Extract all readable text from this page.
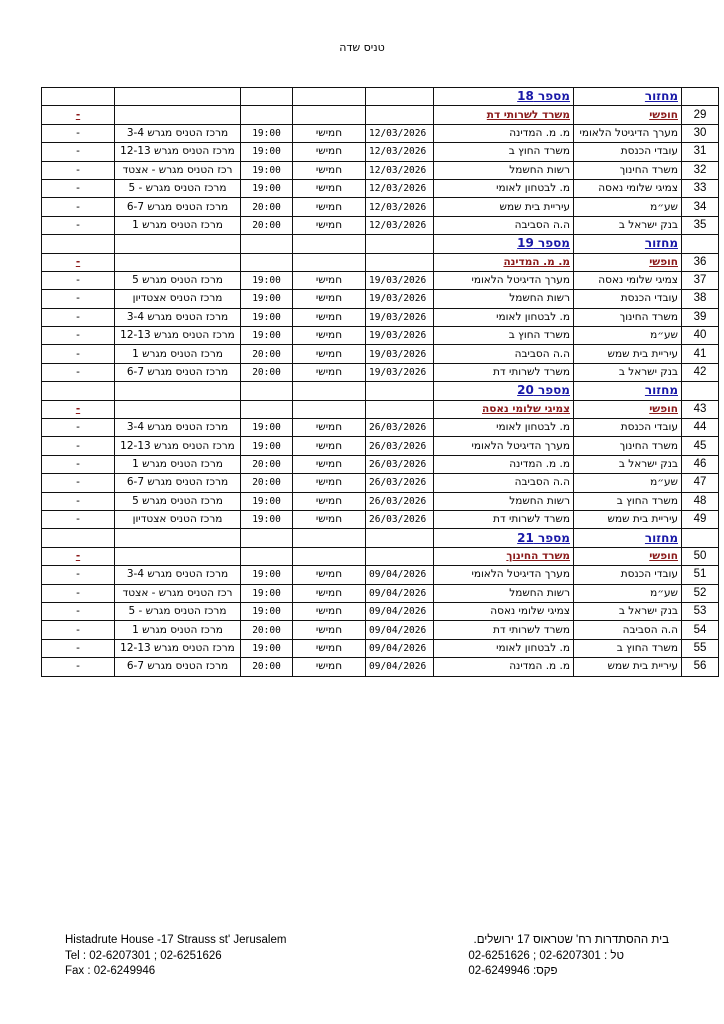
טניס שדה
	מחזור	מספר 18					
29	חופשי	משרד לשרותי דת					-
30	מערך הדיגיטל הלאומי	מ. מ. המדינה	12/03/2026	חמישי	19:00	מרכז הטניס מגרש 3-4	-
31	עובדי הכנסת	משרד החוץ ב	12/03/2026	חמישי	19:00	מרכז הטניס מגרש 12-13	-
32	משרד החינוך	רשות החשמל	12/03/2026	חמישי	19:00	רכז הטניס מגרש - אצטד	-
33	צמיגי שלומי נאסה	מ. לבטחון לאומי	12/03/2026	חמישי	19:00	מרכז הטניס מגרש - 5	-
34	שע״מ	עיריית בית שמש	12/03/2026	חמישי	20:00	מרכז הטניס מגרש 6-7	-
35	בנק ישראל ב	ה.ה הסביבה	12/03/2026	חמישי	20:00	מרכז הטניס מגרש 1	-
	מחזור	מספר 19					
36	חופשי	מ. מ. המדינה					-
37	צמיגי שלומי נאסה	מערך הדיגיטל הלאומי	19/03/2026	חמישי	19:00	מרכז הטניס מגרש 5	-
38	עובדי הכנסת	רשות החשמל	19/03/2026	חמישי	19:00	מרכז הטניס אצטדיון	-
39	משרד החינוך	מ. לבטחון לאומי	19/03/2026	חמישי	19:00	מרכז הטניס מגרש 3-4	-
40	שע״מ	משרד החוץ ב	19/03/2026	חמישי	19:00	מרכז הטניס מגרש 12-13	-
41	עיריית בית שמש	ה.ה הסביבה	19/03/2026	חמישי	20:00	מרכז הטניס מגרש 1	-
42	בנק ישראל ב	משרד לשרותי דת	19/03/2026	חמישי	20:00	מרכז הטניס מגרש 6-7	-
	מחזור	מספר 20					
43	חופשי	צמיגי שלומי נאסה					-
44	עובדי הכנסת	מ. לבטחון לאומי	26/03/2026	חמישי	19:00	מרכז הטניס מגרש 3-4	-
45	משרד החינוך	מערך הדיגיטל הלאומי	26/03/2026	חמישי	19:00	מרכז הטניס מגרש 12-13	-
46	בנק ישראל ב	מ. מ. המדינה	26/03/2026	חמישי	20:00	מרכז הטניס מגרש 1	-
47	שע״מ	ה.ה הסביבה	26/03/2026	חמישי	20:00	מרכז הטניס מגרש 6-7	-
48	משרד החוץ ב	רשות החשמל	26/03/2026	חמישי	19:00	מרכז הטניס מגרש 5	-
49	עיריית בית שמש	משרד לשרותי דת	26/03/2026	חמישי	19:00	מרכז הטניס אצטדיון	-
	מחזור	מספר 21					
50	חופשי	משרד החינוך					-
51	עובדי הכנסת	מערך הדיגיטל הלאומי	09/04/2026	חמישי	19:00	מרכז הטניס מגרש 3-4	-
52	שע״מ	רשות החשמל	09/04/2026	חמישי	19:00	רכז הטניס מגרש - אצטד	-
53	בנק ישראל ב	צמיגי שלומי נאסה	09/04/2026	חמישי	19:00	מרכז הטניס מגרש - 5	-
54	ה.ה הסביבה	משרד לשרותי דת	09/04/2026	חמישי	20:00	מרכז הטניס מגרש 1	-
55	משרד החוץ ב	מ. לבטחון לאומי	09/04/2026	חמישי	19:00	מרכז הטניס מגרש 12-13	-
56	עיריית בית שמש	מ. מ. המדינה	09/04/2026	חמישי	20:00	מרכז הטניס מגרש 6-7	-
Histadrute House -17 Strauss st' Jerusalem
Tel : 02-6207301 ; 02-6251626
Fax : 02-6249946
בית ההסתדרות רח' שטראוס 17 ירושלים.
טל : 02-6207301 ; 02-6251626
פקס: 02-6249946
